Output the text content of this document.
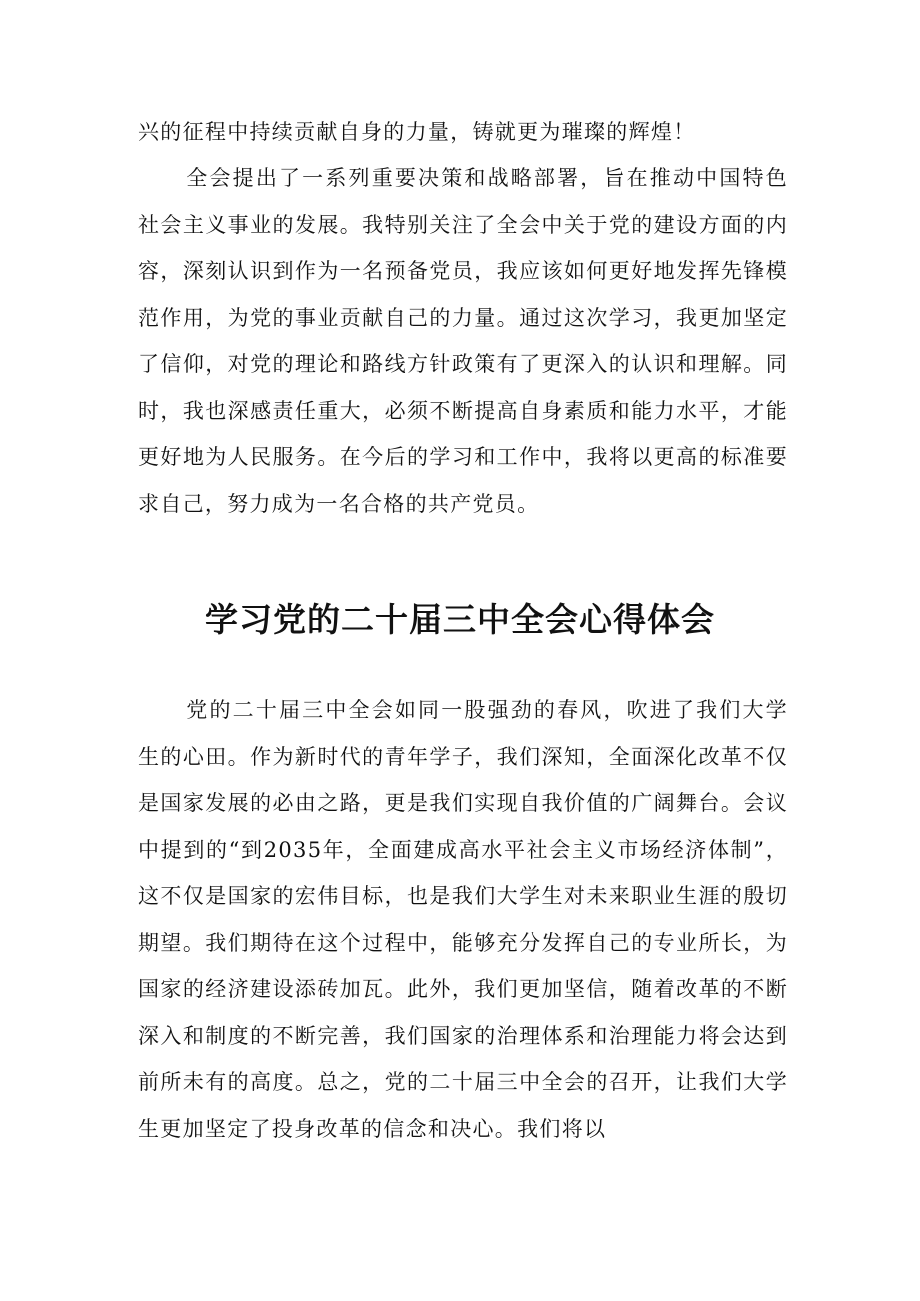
兴的征程中持续贡献自身的力量，铸就更为璀璨的辉煌！

全会提出了一系列重要决策和战略部署，旨在推动中国特色社会主义事业的发展。我特别关注了全会中关于党的建设方面的内容，深刻认识到作为一名预备党员，我应该如何更好地发挥先锋模范作用，为党的事业贡献自己的力量。通过这次学习，我更加坚定了信仰，对党的理论和路线方针政策有了更深入的认识和理解。同时，我也深感责任重大，必须不断提高自身素质和能力水平，才能更好地为人民服务。在今后的学习和工作中，我将以更高的标准要求自己，努力成为一名合格的共产党员。

学习党的二十届三中全会心得体会

党的二十届三中全会如同一股强劲的春风，吹进了我们大学生的心田。作为新时代的青年学子，我们深知，全面深化改革不仅是国家发展的必由之路，更是我们实现自我价值的广阔舞台。会议中提到的“到2035年，全面建成高水平社会主义市场经济体制”，这不仅是国家的宏伟目标，也是我们大学生对未来职业生涯的殷切期望。我们期待在这个过程中，能够充分发挥自己的专业所长，为国家的经济建设添砖加瓦。此外，我们更加坚信，随着改革的不断深入和制度的不断完善，我们国家的治理体系和治理能力将会达到前所未有的高度。总之，党的二十届三中全会的召开，让我们大学生更加坚定了投身改革的信念和决心。我们将以
